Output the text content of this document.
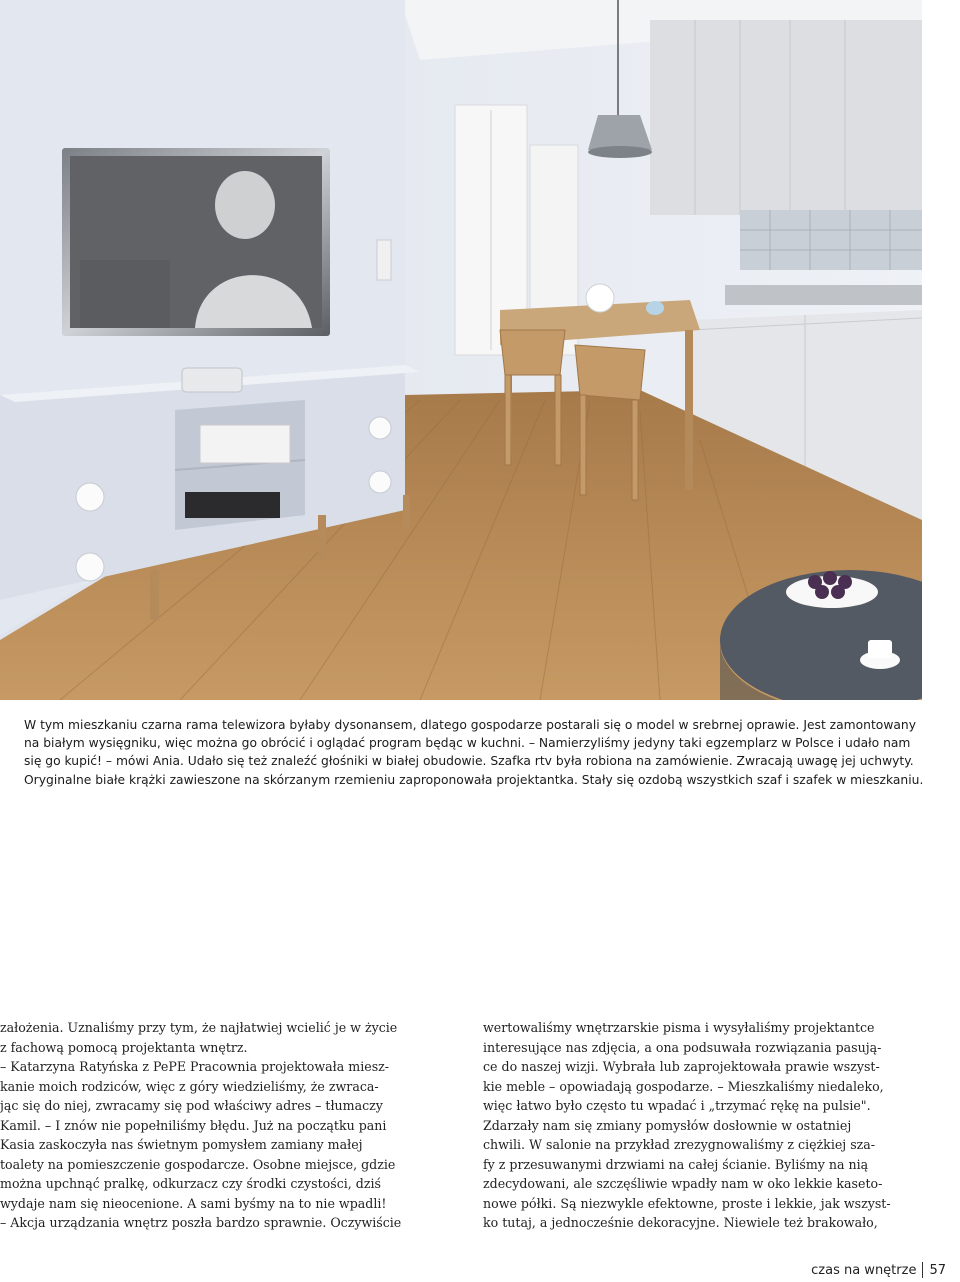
W tym mieszkaniu czarna rama telewizora byłaby dysonansem, dlatego gospodarze postarali się o model w srebrnej oprawie. Jest zamontowany

na białym wysięgniku, więc można go obrócić i oglądać program będąc w kuchni. – Namierzyliśmy jedyny taki egzemplarz w Polsce i udało nam

się go kupić! – mówi Ania. Udało się też znaleźć głośniki w białej obudowie. Szafka rtv była robiona na zamówienie. Zwracają uwagę jej uchwyty.

Oryginalne białe krążki zawieszone na skórzanym rzemieniu zaproponowała projektantka. Stały się ozdobą wszystkich szaf i szafek w mieszkaniu.

założenia. Uznaliśmy przy tym, że najłatwiej wcielić je w życie

z fachową pomocą projektanta wnętrz.

– Katarzyna Ratyńska z PePE Pracownia projektowała miesz-

kanie moich rodziców, więc z góry wiedzieliśmy, że zwraca-

jąc się do niej, zwracamy się pod właściwy adres – tłumaczy

Kamil. – I znów nie popełniliśmy błędu. Już na początku pani

Kasia zaskoczyła nas świetnym pomysłem zamiany małej

toalety na pomieszczenie gospodarcze. Osobne miejsce, gdzie

można upchnąć pralkę, odkurzacz czy środki czystości, dziś

wydaje nam się nieocenione. A sami byśmy na to nie wpadli!

– Akcja urządzania wnętrz poszła bardzo sprawnie. Oczywiście

wertowaliśmy wnętrzarskie pisma i wysyłaliśmy projektantce

interesujące nas zdjęcia, a ona podsuwała rozwiązania pasują-

ce do naszej wizji. Wybrała lub zaprojektowała prawie wszyst-

kie meble – opowiadają gospodarze. – Mieszkaliśmy niedaleko,

więc łatwo było często tu wpadać i „trzymać rękę na pulsie".

Zdarzały nam się zmiany pomysłów dosłownie w ostatniej

chwili. W salonie na przykład zrezygnowaliśmy z ciężkiej sza-

fy z przesuwanymi drzwiami na całej ścianie. Byliśmy na nią

zdecydowani, ale szczęśliwie wpadły nam w oko lekkie kaseto-

nowe półki. Są niezwykle efektowne, proste i lekkie, jak wszyst-

ko tutaj, a jednocześnie dekoracyjne. Niewiele też brakowało,

czas na wnętrze 57
